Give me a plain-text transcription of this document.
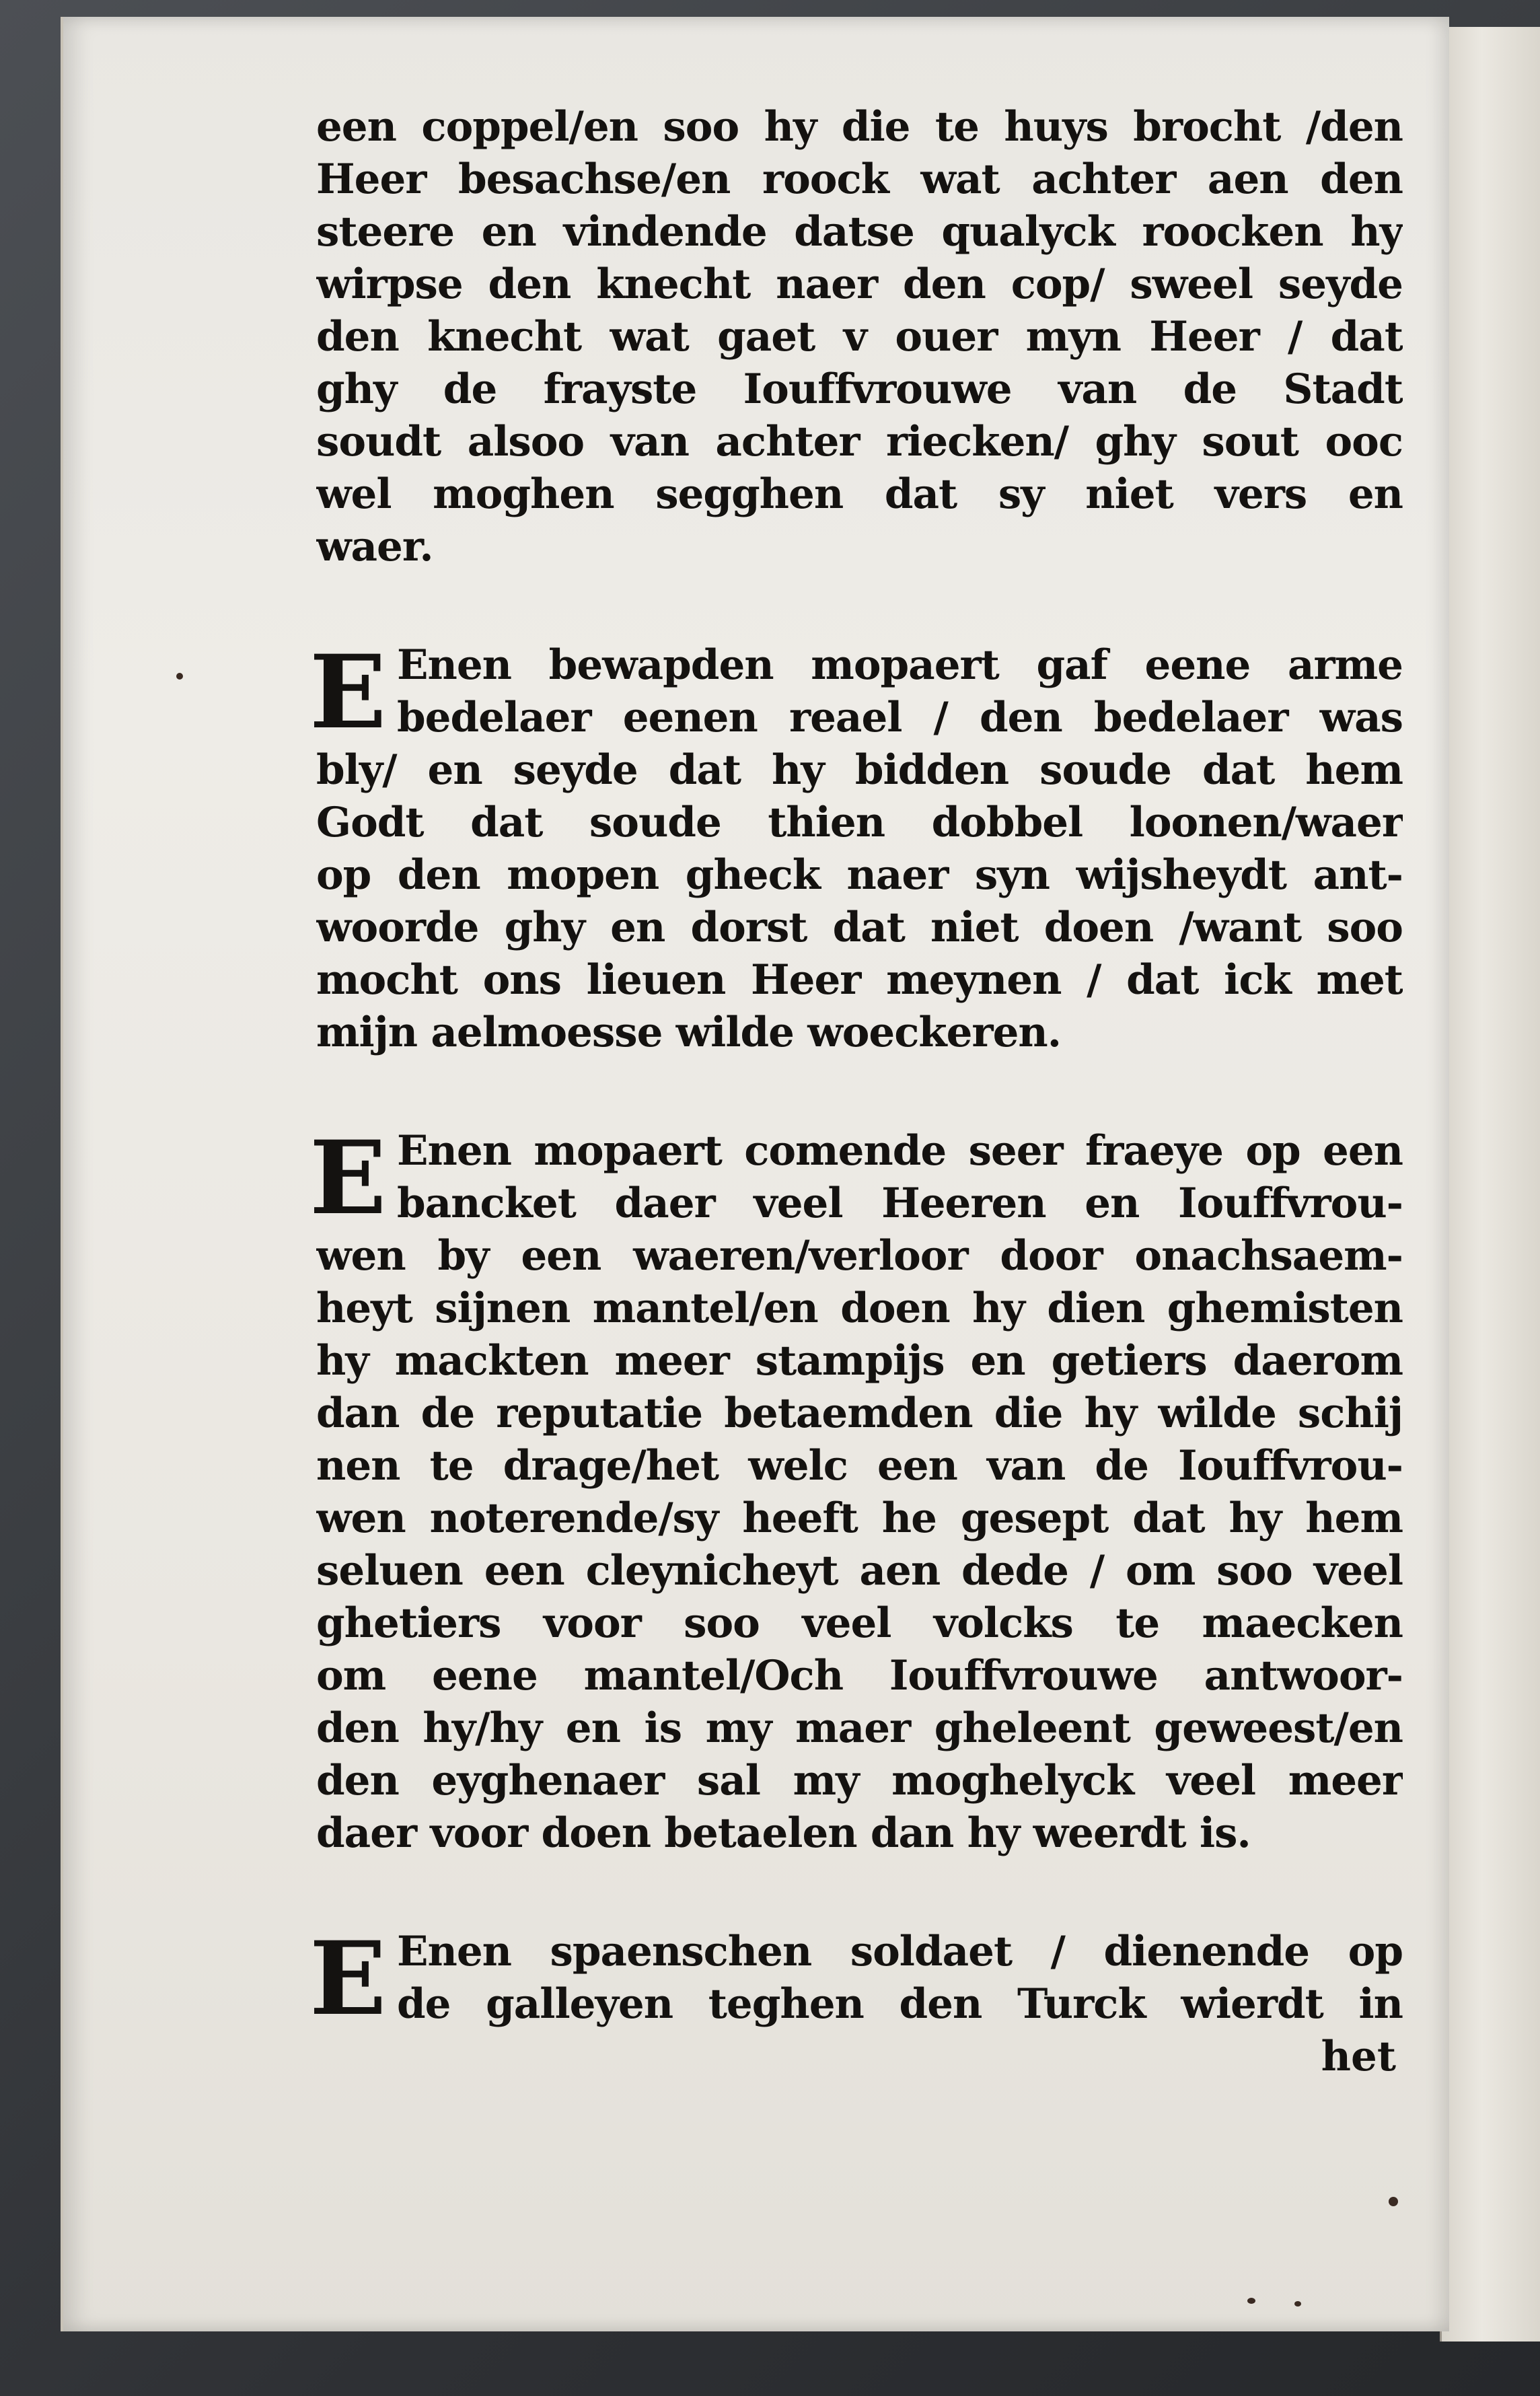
een coppel/en soo hy die te huys brocht /den
Heer besachse/en roock wat achter aen den
steere en vindende datse qualyck roocken hy
wirpse den knecht naer den cop/ sweel seyde
den knecht wat gaet v ouer myn Heer / dat
ghy de frayste Iouffvrouwe van de Stadt
soudt alsoo van achter riecken/ ghy sout ooc
wel moghen segghen dat sy niet vers en
waer.
E Enen bewapden mopaert gaf eene arme
bedelaer eenen reael / den bedelaer was
bly/ en seyde dat hy bidden soude dat hem
Godt dat soude thien dobbel loonen/waer
op den mopen gheck naer syn wijsheydt ant-
woorde ghy en dorst dat niet doen /want soo
mocht ons lieuen Heer meynen / dat ick met
mijn aelmoesse wilde woeckeren.
E Enen mopaert comende seer fraeye op een
bancket daer veel Heeren en Iouffvrou-
wen by een waeren/verloor door onachsaem-
heyt sijnen mantel/en doen hy dien ghemisten
hy mackten meer stampijs en getiers daerom
dan de reputatie betaemden die hy wilde schij
nen te drage/het welc een van de Iouffvrou-
wen noterende/sy heeft he gesept dat hy hem
seluen een cleynicheyt aen dede / om soo veel
ghetiers voor soo veel volcks te maecken
om eene mantel/Och Iouffvrouwe antwoor-
den hy/hy en is my maer gheleent geweest/en
den eyghenaer sal my moghelyck veel meer
daer voor doen betaelen dan hy weerdt is.
E Enen spaenschen soldaet / dienende op
de galleyen teghen den Turck wierdt in
het
